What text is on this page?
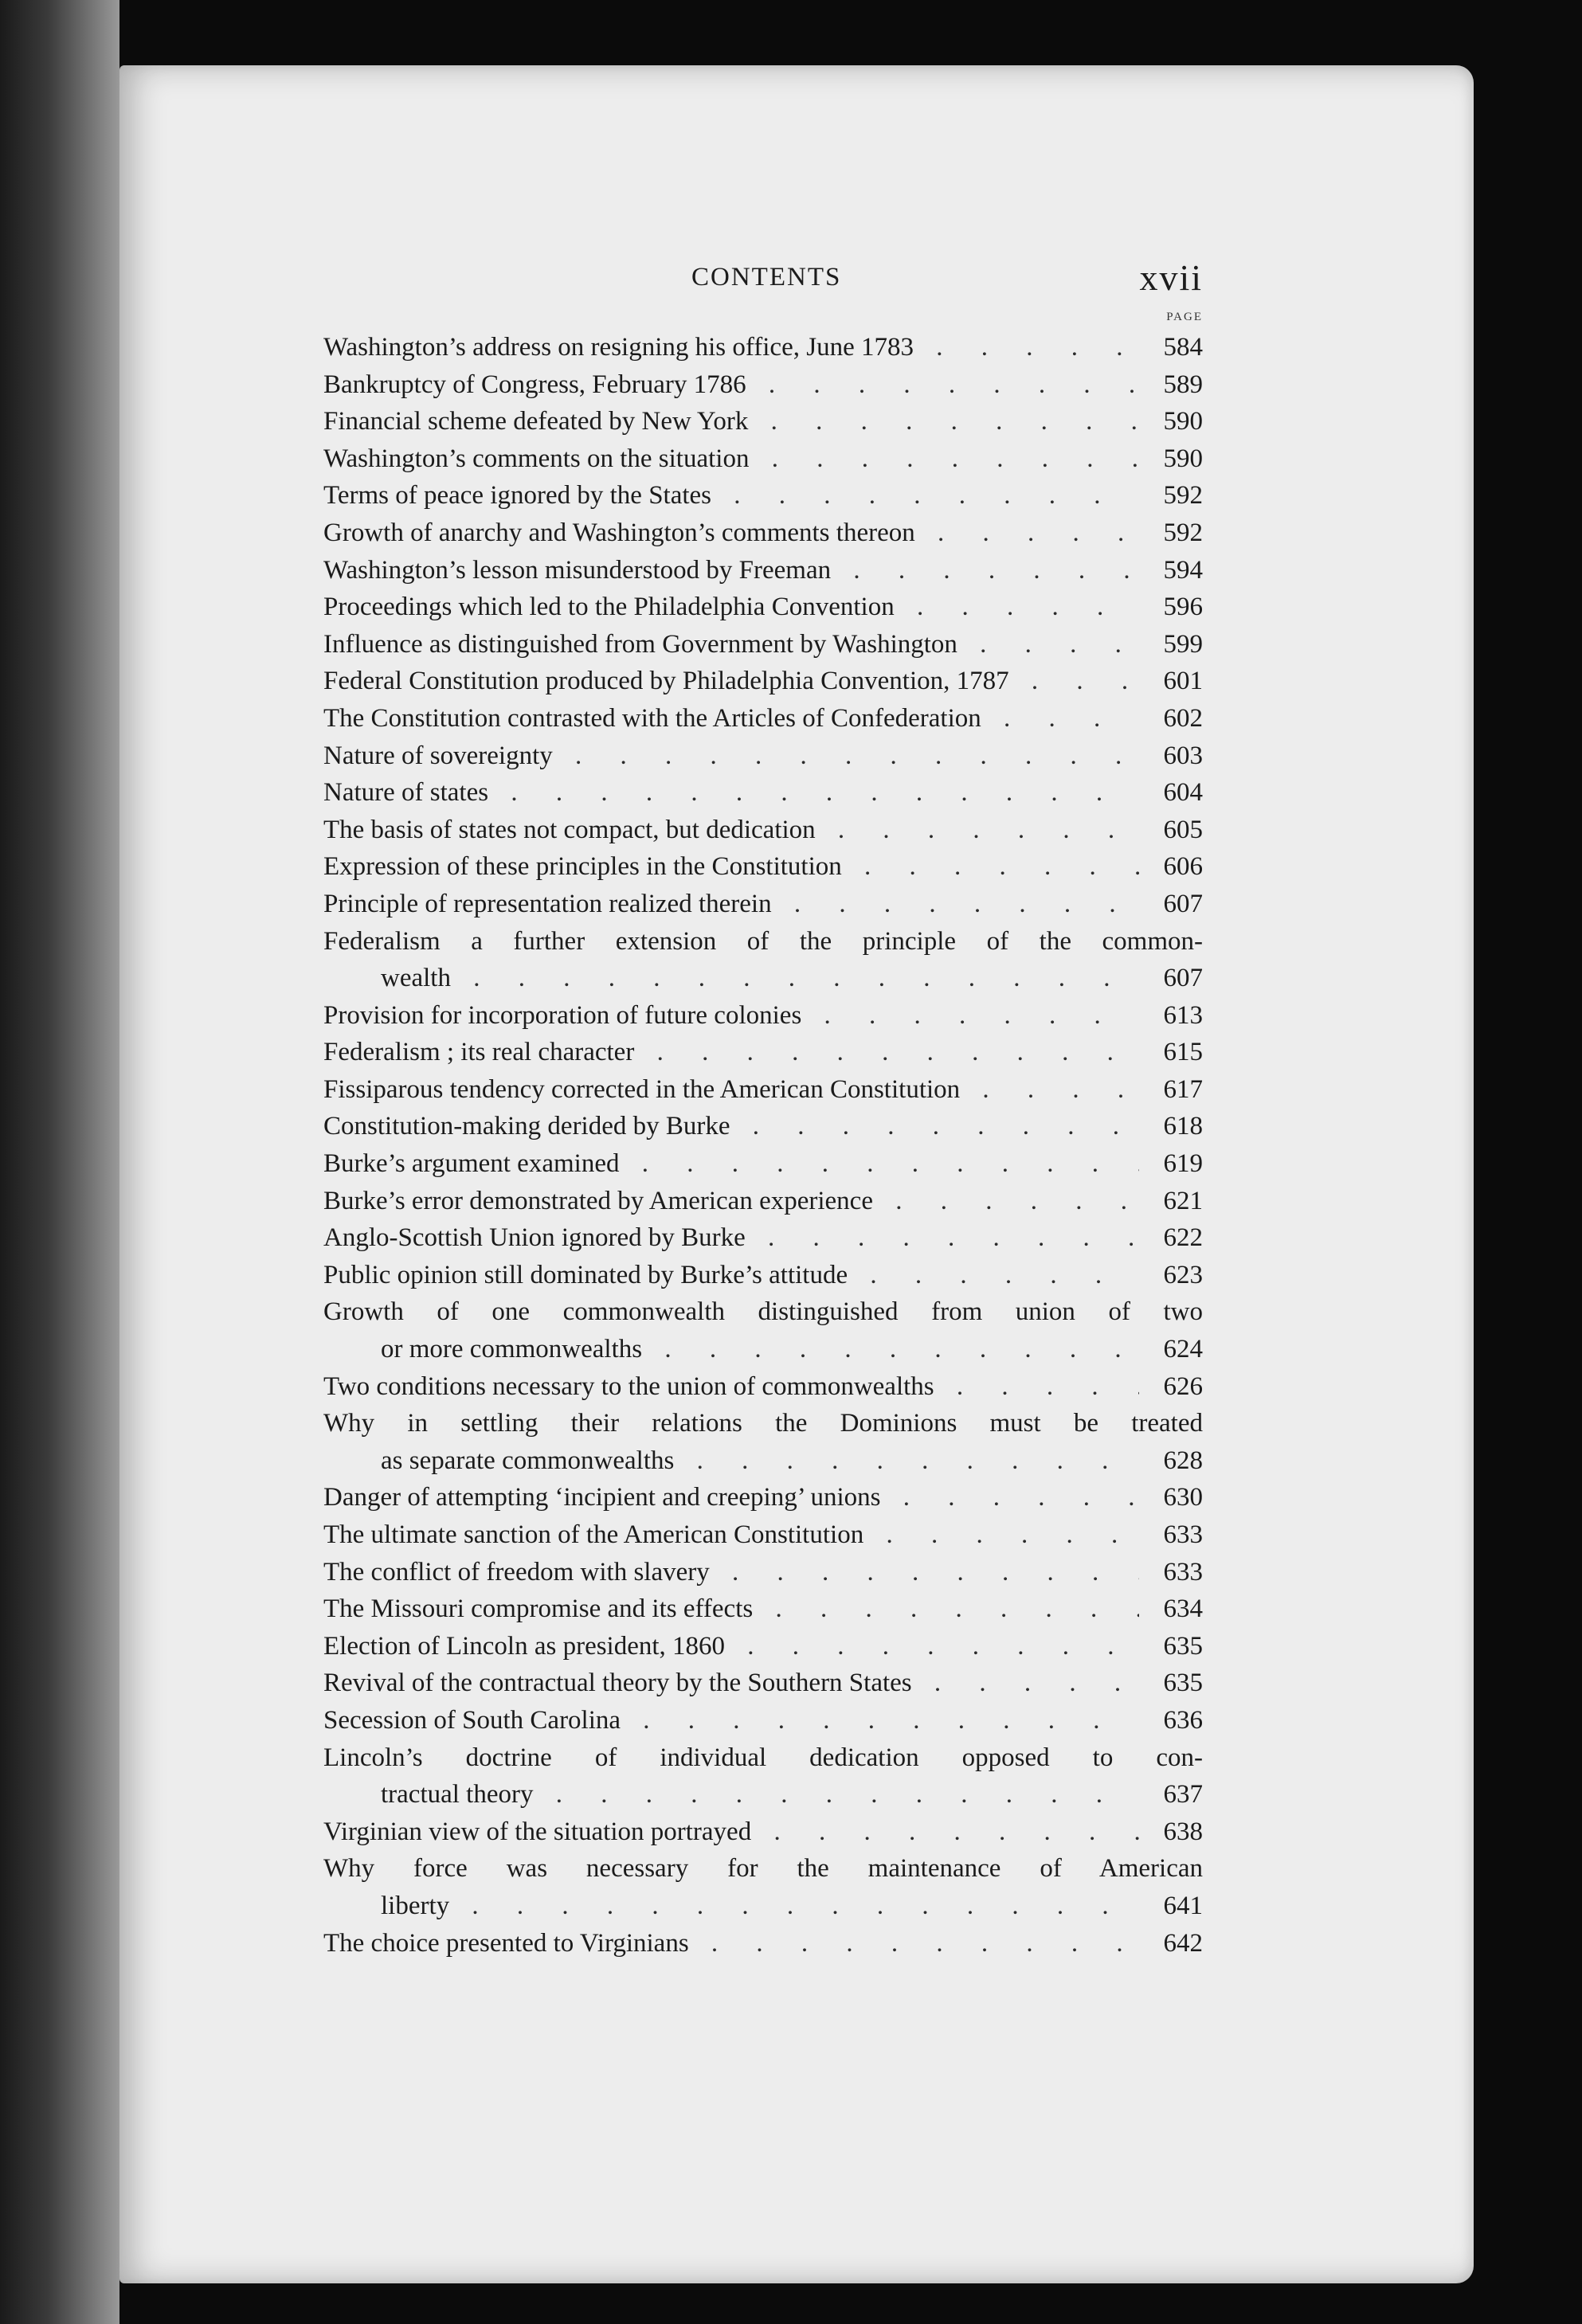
CONTENTS	xvii
PAGE
Washington’s address on resigning his office, June 1783 . . .	584
Bankruptcy of Congress, February 1786 . . .	589
Financial scheme defeated by New York . . .	590
Washington’s comments on the situation . . .	590
Terms of peace ignored by the States . . .	592
Growth of anarchy and Washington’s comments thereon . . .	592
Washington’s lesson misunderstood by Freeman . . .	594
Proceedings which led to the Philadelphia Convention . . .	596
Influence as distinguished from Government by Washington . . .	599
Federal Constitution produced by Philadelphia Convention, 1787 . . .	601
The Constitution contrasted with the Articles of Confederation . . .	602
Nature of sovereignty . . .	603
Nature of states . . .	604
The basis of states not compact, but dedication . . .	605
Expression of these principles in the Constitution . . .	606
Principle of representation realized therein . . .	607
Federalism a further extension of the principle of the common-
wealth . . .	607
Provision for incorporation of future colonies . . .	613
Federalism ; its real character . . .	615
Fissiparous tendency corrected in the American Constitution . . .	617
Constitution-making derided by Burke . . .	618
Burke’s argument examined . . .	619
Burke’s error demonstrated by American experience . . .	621
Anglo-Scottish Union ignored by Burke . . .	622
Public opinion still dominated by Burke’s attitude . . .	623
Growth of one commonwealth distinguished from union of two
or more commonwealths . . .	624
Two conditions necessary to the union of commonwealths . . .	626
Why in settling their relations the Dominions must be treated
as separate commonwealths . . .	628
Danger of attempting ‘incipient and creeping’ unions . . .	630
The ultimate sanction of the American Constitution . . .	633
The conflict of freedom with slavery . . .	633
The Missouri compromise and its effects . . .	634
Election of Lincoln as president, 1860 . . .	635
Revival of the contractual theory by the Southern States . . .	635
Secession of South Carolina . . .	636
Lincoln’s doctrine of individual dedication opposed to con-
tractual theory . . .	637
Virginian view of the situation portrayed . . .	638
Why force was necessary for the maintenance of American
liberty . . .	641
The choice presented to Virginians . . .	642
